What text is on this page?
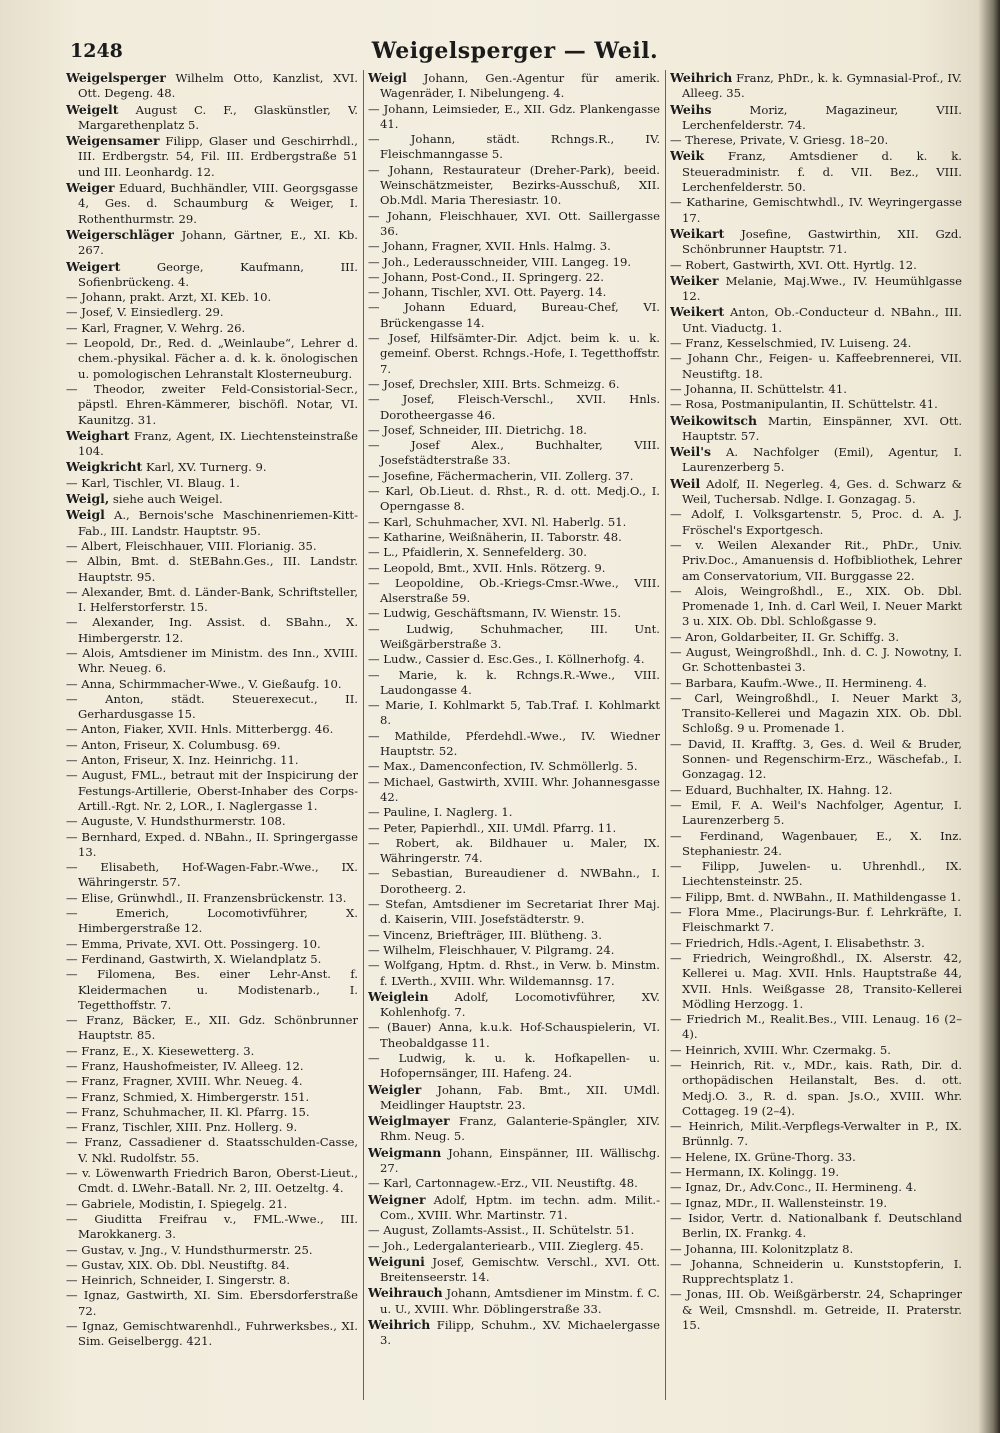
1248	Weigelsperger — Weil.

Weigelsperger Wilhelm Otto, Kanzlist, XVI. Ott. Degeng. 48.

Weigelt August C. F., Glaskünstler, V. Margarethenplatz 5.

Weigensamer Filipp, Glaser und Geschirrhdl., III. Erdbergstr. 54, Fil. III. Erdbergstraße 51 und III. Leonhardg. 12.

Weiger Eduard, Buchhändler, VIII. Georgsgasse 4, Ges. d. Schaumburg & Weiger, I. Rothenthurmstr. 29.

Weigerschläger Johann, Gärtner, E., XI. Kb. 267.

Weigert George, Kaufmann, III. Sofienbrückeng. 4.

— Johann, prakt. Arzt, XI. KEb. 10.

— Josef, V. Einsiedlerg. 29.

— Karl, Fragner, V. Wehrg. 26.

— Leopold, Dr., Red. d. „Weinlaube“, Lehrer d. chem.-physikal. Fächer a. d. k. k. önologischen u. pomologischen Lehranstalt Klosterneuburg.

— Theodor, zweiter Feld-Consistorial-Secr., päpstl. Ehren-Kämmerer, bischöfl. Notar, VI. Kaunitzg. 31.

Weighart Franz, Agent, IX. Liechtensteinstraße 104.

Weigkricht Karl, XV. Turnerg. 9.

— Karl, Tischler, VI. Blaug. 1.

Weigl, siehe auch Weigel.

Weigl A., Bernois'sche Maschinenriemen-Kitt-Fab., III. Landstr. Hauptstr. 95.

— Albert, Fleischhauer, VIII. Florianig. 35.

— Albin, Bmt. d. StEBahn.Ges., III. Landstr. Hauptstr. 95.

— Alexander, Bmt. d. Länder-Bank, Schriftsteller, I. Helferstorferstr. 15.

— Alexander, Ing. Assist. d. SBahn., X. Himbergerstr. 12.

— Alois, Amtsdiener im Ministm. des Inn., XVIII. Whr. Neueg. 6.

— Anna, Schirmmacher-Wwe., V. Gießaufg. 10.

— Anton, städt. Steuerexecut., II. Gerhardusgasse 15.

— Anton, Fiaker, XVII. Hnls. Mitterbergg. 46.

— Anton, Friseur, X. Columbusg. 69.

— Anton, Friseur, X. Inz. Heinrichg. 11.

— August, FML., betraut mit der Inspicirung der Festungs-Artillerie, Oberst-Inhaber des Corps-Artill.-Rgt. Nr. 2, LOR., I. Naglergasse 1.

— Auguste, V. Hundsthurmerstr. 108.

— Bernhard, Exped. d. NBahn., II. Springergasse 13.

— Elisabeth, Hof-Wagen-Fabr.-Wwe., IX. Währingerstr. 57.

— Elise, Grünwhdl., II. Franzensbrückenstr. 13.

— Emerich, Locomotivführer, X. Himbergerstraße 12.

— Emma, Private, XVI. Ott. Possingerg. 10.

— Ferdinand, Gastwirth, X. Wielandplatz 5.

— Filomena, Bes. einer Lehr-Anst. f. Kleidermachen u. Modistenarb., I. Tegetthoffstr. 7.

— Franz, Bäcker, E., XII. Gdz. Schönbrunner Hauptstr. 85.

— Franz, E., X. Kiesewetterg. 3.

— Franz, Haushofmeister, IV. Alleeg. 12.

— Franz, Fragner, XVIII. Whr. Neueg. 4.

— Franz, Schmied, X. Himbergerstr. 151.

— Franz, Schuhmacher, II. Kl. Pfarrg. 15.

— Franz, Tischler, XIII. Pnz. Hollerg. 9.

— Franz, Cassadiener d. Staatsschulden-Casse, V. Nkl. Rudolfstr. 55.

— v. Löwenwarth Friedrich Baron, Oberst-Lieut., Cmdt. d. LWehr.-Batall. Nr. 2, III. Oetzeltg. 4.

— Gabriele, Modistin, I. Spiegelg. 21.

— Giuditta Freifrau v., FML.-Wwe., III. Marokkanerg. 3.

— Gustav, v. Jng., V. Hundsthurmerstr. 25.

— Gustav, XIX. Ob. Dbl. Neustiftg. 84.

— Heinrich, Schneider, I. Singerstr. 8.

— Ignaz, Gastwirth, XI. Sim. Ebersdorferstraße 72.

— Ignaz, Gemischtwarenhdl., Fuhrwerksbes., XI. Sim. Geiselbergg. 421.

Weigl Johann, Gen.-Agentur für amerik. Wagenräder, I. Nibelungeng. 4.

— Johann, Leimsieder, E., XII. Gdz. Plankengasse 41.

— Johann, städt. Rchngs.R., IV. Fleischmanngasse 5.

— Johann, Restaurateur (Dreher-Park), beeid. Weinschätzmeister, Bezirks-Ausschuß, XII. Ob.Mdl. Maria Theresiastr. 10.

— Johann, Fleischhauer, XVI. Ott. Saillergasse 36.

— Johann, Fragner, XVII. Hnls. Halmg. 3.

— Joh., Lederausschneider, VIII. Langeg. 19.

— Johann, Post-Cond., II. Springerg. 22.

— Johann, Tischler, XVI. Ott. Payerg. 14.

— Johann Eduard, Bureau-Chef, VI. Brückengasse 14.

— Josef, Hilfsämter-Dir. Adjct. beim k. u. k. gemeinf. Oberst. Rchngs.-Hofe, I. Tegetthoffstr. 7.

— Josef, Drechsler, XIII. Brts. Schmeizg. 6.

— Josef, Fleisch-Verschl., XVII. Hnls. Dorotheergasse 46.

— Josef, Schneider, III. Dietrichg. 18.

— Josef Alex., Buchhalter, VIII. Josefstädterstraße 33.

— Josefine, Fächermacherin, VII. Zollerg. 37.

— Karl, Ob.Lieut. d. Rhst., R. d. ott. Medj.O., I. Operngasse 8.

— Karl, Schuhmacher, XVI. Nl. Haberlg. 51.

— Katharine, Weißnäherin, II. Taborstr. 48.

— L., Pfaidlerin, X. Sennefelderg. 30.

— Leopold, Bmt., XVII. Hnls. Rötzerg. 9.

— Leopoldine, Ob.-Kriegs-Cmsr.-Wwe., VIII. Alserstraße 59.

— Ludwig, Geschäftsmann, IV. Wienstr. 15.

— Ludwig, Schuhmacher, III. Unt. Weißgärberstraße 3.

— Ludw., Cassier d. Esc.Ges., I. Köllnerhofg. 4.

— Marie, k. k. Rchngs.R.-Wwe., VIII. Laudongasse 4.

— Marie, I. Kohlmarkt 5, Tab.Traf. I. Kohlmarkt 8.

— Mathilde, Pferdehdl.-Wwe., IV. Wiedner Hauptstr. 52.

— Max., Damenconfection, IV. Schmöllerlg. 5.

— Michael, Gastwirth, XVIII. Whr. Johannesgasse 42.

— Pauline, I. Naglerg. 1.

— Peter, Papierhdl., XII. UMdl. Pfarrg. 11.

— Robert, ak. Bildhauer u. Maler, IX. Währingerstr. 74.

— Sebastian, Bureaudiener d. NWBahn., I. Dorotheerg. 2.

— Stefan, Amtsdiener im Secretariat Ihrer Maj. d. Kaiserin, VIII. Josefstädterstr. 9.

— Vincenz, Briefträger, III. Blütheng. 3.

— Wilhelm, Fleischhauer, V. Pilgramg. 24.

— Wolfgang, Hptm. d. Rhst., in Verw. b. Minstm. f. LVerth., XVIII. Whr. Wildemannsg. 17.

Weiglein Adolf, Locomotivführer, XV. Kohlenhofg. 7.

— (Bauer) Anna, k.u.k. Hof-Schauspielerin, VI. Theobaldgasse 11.

— Ludwig, k. u. k. Hofkapellen- u. Hofopernsänger, III. Hafeng. 24.

Weigler Johann, Fab. Bmt., XII. UMdl. Meidlinger Hauptstr. 23.

Weiglmayer Franz, Galanterie-Spängler, XIV. Rhm. Neug. 5.

Weigmann Johann, Einspänner, III. Wällischg. 27.

— Karl, Cartonnagew.-Erz., VII. Neustiftg. 48.

Weigner Adolf, Hptm. im techn. adm. Milit.-Com., XVIII. Whr. Martinstr. 71.

— August, Zollamts-Assist., II. Schütelstr. 51.

— Joh., Ledergalanteriearb., VIII. Zieglerg. 45.

Weiguni Josef, Gemischtw. Verschl., XVI. Ott. Breitenseerstr. 14.

Weihrauch Johann, Amtsdiener im Minstm. f. C. u. U., XVIII. Whr. Döblingerstraße 33.

Weihrich Filipp, Schuhm., XV. Michaelergasse 3.

Weihrich Franz, PhDr., k. k. Gymnasial-Prof., IV. Alleeg. 35.

Weihs Moriz, Magazineur, VIII. Lerchenfelderstr. 74.

— Therese, Private, V. Griesg. 18–20.

Weik Franz, Amtsdiener d. k. k. Steueradministr. f. d. VII. Bez., VIII. Lerchenfelderstr. 50.

— Katharine, Gemischtwhdl., IV. Weyringergasse 17.

Weikart Josefine, Gastwirthin, XII. Gzd. Schönbrunner Hauptstr. 71.

— Robert, Gastwirth, XVI. Ott. Hyrtlg. 12.

Weiker Melanie, Maj.Wwe., IV. Heumühlgasse 12.

Weikert Anton, Ob.-Conducteur d. NBahn., III. Unt. Viaductg. 1.

— Franz, Kesselschmied, IV. Luiseng. 24.

— Johann Chr., Feigen- u. Kaffeebrennerei, VII. Neustiftg. 18.

— Johanna, II. Schüttelstr. 41.

— Rosa, Postmanipulantin, II. Schüttelstr. 41.

Weikowitsch Martin, Einspänner, XVI. Ott. Hauptstr. 57.

Weil's A. Nachfolger (Emil), Agentur, I. Laurenzerberg 5.

Weil Adolf, II. Negerleg. 4, Ges. d. Schwarz & Weil, Tuchersab. Ndlge. I. Gonzagag. 5.

— Adolf, I. Volksgartenstr. 5, Proc. d. A. J. Fröschel's Exportgesch.

— v. Weilen Alexander Rit., PhDr., Univ. Priv.Doc., Amanuensis d. Hofbibliothek, Lehrer am Conservatorium, VII. Burggasse 22.

— Alois, Weingroßhdl., E., XIX. Ob. Dbl. Promenade 1, Inh. d. Carl Weil, I. Neuer Markt 3 u. XIX. Ob. Dbl. Schloßgasse 9.

— Aron, Goldarbeiter, II. Gr. Schiffg. 3.

— August, Weingroßhdl., Inh. d. C. J. Nowotny, I. Gr. Schottenbastei 3.

— Barbara, Kaufm.-Wwe., II. Hermineng. 4.

— Carl, Weingroßhdl., I. Neuer Markt 3, Transito-Kellerei und Magazin XIX. Ob. Dbl. Schloßg. 9 u. Promenade 1.

— David, II. Krafftg. 3, Ges. d. Weil & Bruder, Sonnen- und Regenschirm-Erz., Wäschefab., I. Gonzagag. 12.

— Eduard, Buchhalter, IX. Hahng. 12.

— Emil, F. A. Weil's Nachfolger, Agentur, I. Laurenzerberg 5.

— Ferdinand, Wagenbauer, E., X. Inz. Stephaniestr. 24.

— Filipp, Juwelen- u. Uhrenhdl., IX. Liechtensteinstr. 25.

— Filipp, Bmt. d. NWBahn., II. Mathildengasse 1.

— Flora Mme., Placirungs-Bur. f. Lehrkräfte, I. Fleischmarkt 7.

— Friedrich, Hdls.-Agent, I. Elisabethstr. 3.

— Friedrich, Weingroßhdl., IX. Alserstr. 42, Kellerei u. Mag. XVII. Hnls. Hauptstraße 44, XVII. Hnls. Weißgasse 28, Transito-Kellerei Mödling Herzogg. 1.

— Friedrich M., Realit.Bes., VIII. Lenaug. 16 (2–4).

— Heinrich, XVIII. Whr. Czermakg. 5.

— Heinrich, Rit. v., MDr., kais. Rath, Dir. d. orthopädischen Heilanstalt, Bes. d. ott. Medj.O. 3., R. d. span. Js.O., XVIII. Whr. Cottageg. 19 (2–4).

— Heinrich, Milit.-Verpflegs-Verwalter in P., IX. Brünnlg. 7.

— Helene, IX. Grüne-Thorg. 33.

— Hermann, IX. Kolingg. 19.

— Ignaz, Dr., Adv.Conc., II. Hermineng. 4.

— Ignaz, MDr., II. Wallensteinstr. 19.

— Isidor, Vertr. d. Nationalbank f. Deutschland Berlin, IX. Frankg. 4.

— Johanna, III. Kolonitzplatz 8.

— Johanna, Schneiderin u. Kunststopferin, I. Rupprechtsplatz 1.

— Jonas, III. Ob. Weißgärberstr. 24, Schapringer & Weil, Cmsnshdl. m. Getreide, II. Praterstr. 15.
